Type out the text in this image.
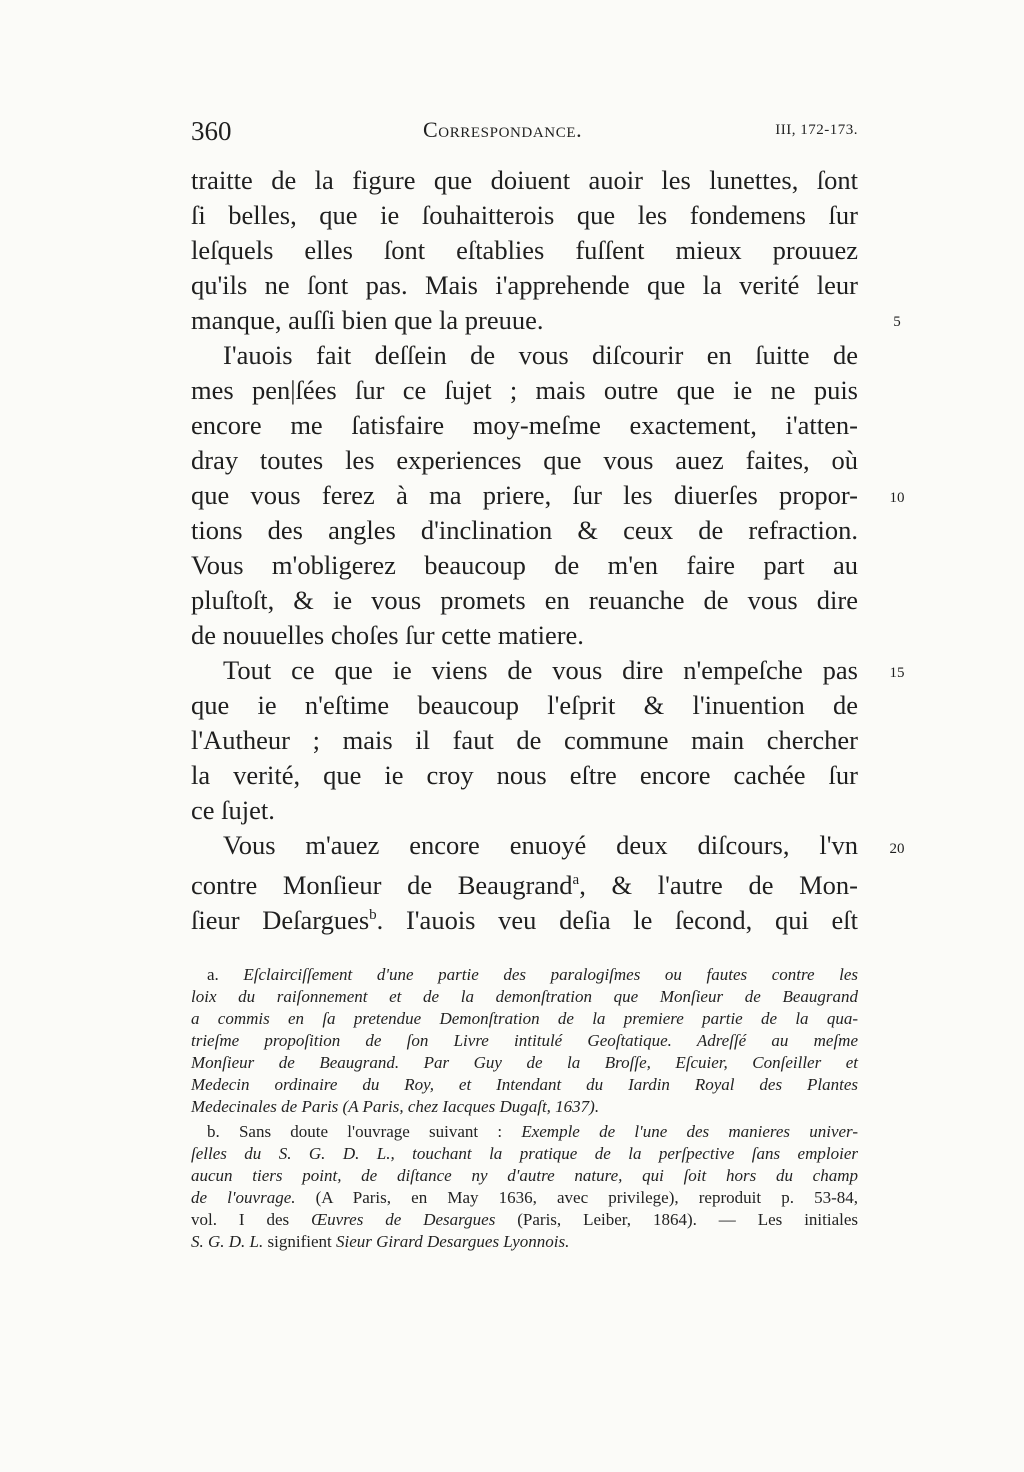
360	Correspondance.	III, 172-173.
traitte de la figure que doiuent auoir les lunettes, ſont
ſi belles, que ie ſouhaitterois que les fondemens ſur
leſquels elles ſont eſtablies fuſſent mieux prouuez
qu'ils ne ſont pas. Mais i'apprehende que la verité leur
manque, auſſi bien que la preuue.
I'auois fait deſſein de vous diſcourir en ſuitte de
mes pen|ſées ſur ce ſujet ; mais outre que ie ne puis
encore me ſatisfaire moy-meſme exactement, i'atten-
dray toutes les experiences que vous auez faites, où
que vous ferez à ma priere, ſur les diuerſes propor-
tions des angles d'inclination & ceux de refraction.
Vous m'obligerez beaucoup de m'en faire part au
pluſtoſt, & ie vous promets en reuanche de vous dire
de nouuelles choſes ſur cette matiere.
Tout ce que ie viens de vous dire n'empeſche pas
que ie n'eſtime beaucoup l'eſprit & l'inuention de
l'Autheur ; mais il faut de commune main chercher
la verité, que ie croy nous eſtre encore cachée ſur
ce ſujet.
Vous m'auez encore enuoyé deux diſcours, l'vn
contre Monſieur de Beaugrand$^a$, & l'autre de Mon-
ſieur Deſargues$^b$. I'auois veu deſia le ſecond, qui eſt
5
10
15
20
a. Eſclairciſſement d'une partie des paralogiſmes ou fautes contre les
loix du raiſonnement et de la demonſtration que Monſieur de Beaugrand
a commis en ſa pretendue Demonſtration de la premiere partie de la qua-
trieſme propoſition de ſon Livre intitulé Geoſtatique. Adreſſé au meſme
Monſieur de Beaugrand. Par Guy de la Broſſe, Eſcuier, Conſeiller et
Medecin ordinaire du Roy, et Intendant du Iardin Royal des Plantes
Medecinales de Paris (A Paris, chez Iacques Dugaſt, 1637).
b. Sans doute l'ouvrage suivant : Exemple de l'une des manieres univer-
ſelles du S. G. D. L., touchant la pratique de la perſpective ſans emploier
aucun tiers point, de diſtance ny d'autre nature, qui ſoit hors du champ
de l'ouvrage. (A Paris, en May 1636, avec privilege), reproduit p. 53-84,
vol. I des Œuvres de Desargues (Paris, Leiber, 1864). — Les initiales
S. G. D. L. signifient Sieur Girard Desargues Lyonnois.
